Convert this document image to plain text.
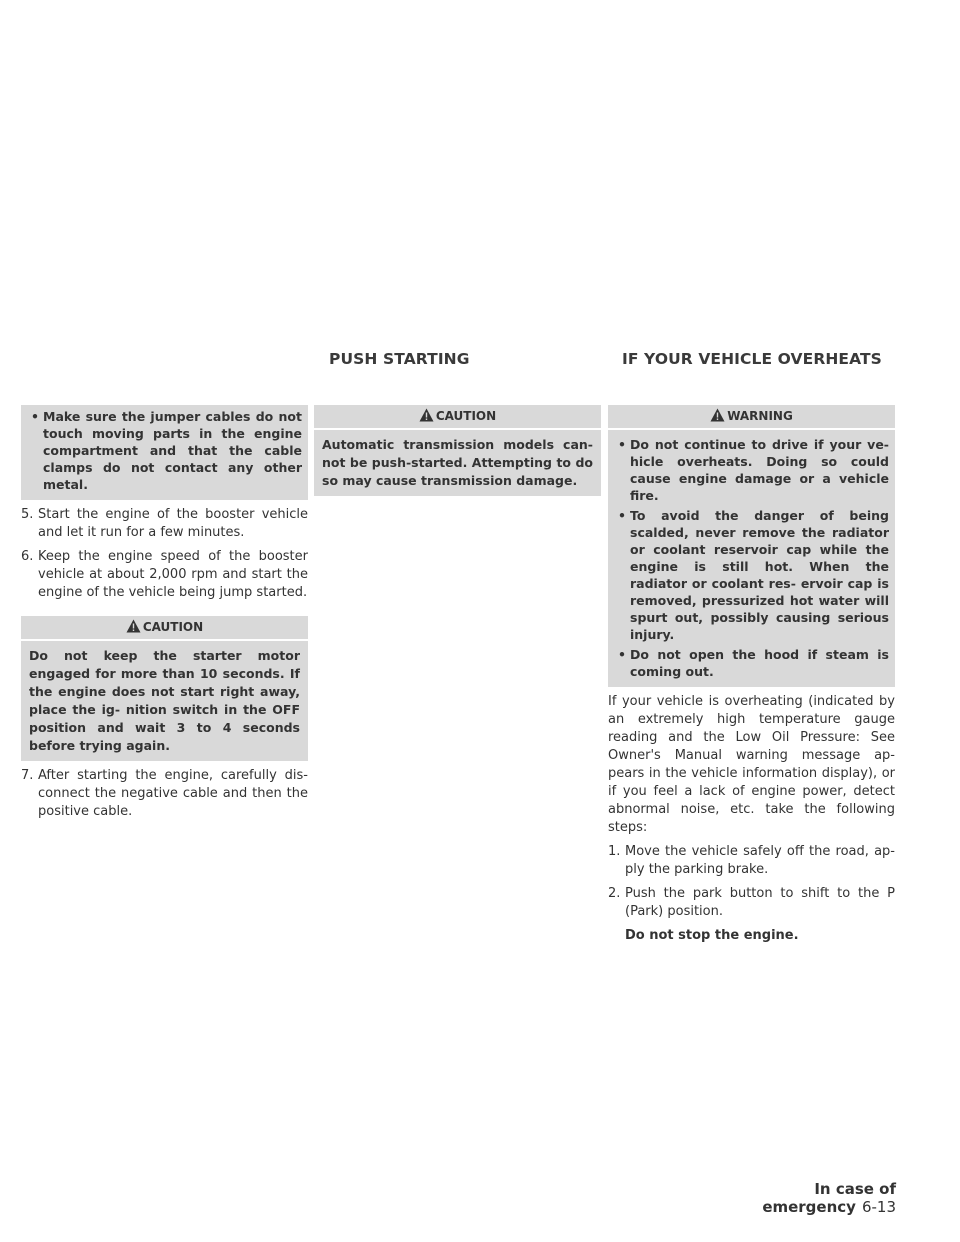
PUSH STARTING	IF YOUR VEHICLE OVERHEATS
• Make sure the jumper cables do not touch moving parts in the engine compartment and that the cable clamps do not contact any other metal.
5. Start the engine of the booster vehicle and let it run for a few minutes.
6. Keep the engine speed of the booster vehicle at about 2,000 rpm and start the engine of the vehicle being jump started.
CAUTION
Do not keep the starter motor engaged for more than 10 seconds. If the engine does not start right away, place the ig- nition switch in the OFF position and wait 3 to 4 seconds before trying again.
7. After starting the engine, carefully dis- connect the negative cable and then the positive cable.
CAUTION
Automatic transmission models can- not be push-started. Attempting to do so may cause transmission damage.
WARNING
• Do not continue to drive if your ve- hicle overheats. Doing so could cause engine damage or a vehicle fire.
• To avoid the danger of being scalded, never remove the radiator or coolant reservoir cap while the engine is still hot. When the radiator or coolant res- ervoir cap is removed, pressurized hot water will spurt out, possibly causing serious injury.
• Do not open the hood if steam is coming out.
If your vehicle is overheating (indicated by an extremely high temperature gauge reading and the Low Oil Pressure: See Owner's Manual warning message ap- pears in the vehicle information display), or if you feel a lack of engine power, detect abnormal noise, etc. take the following steps:
1. Move the vehicle safely off the road, ap- ply the parking brake.
2. Push the park button to shift to the P (Park) position.
Do not stop the engine.
In case of emergency 6-13
